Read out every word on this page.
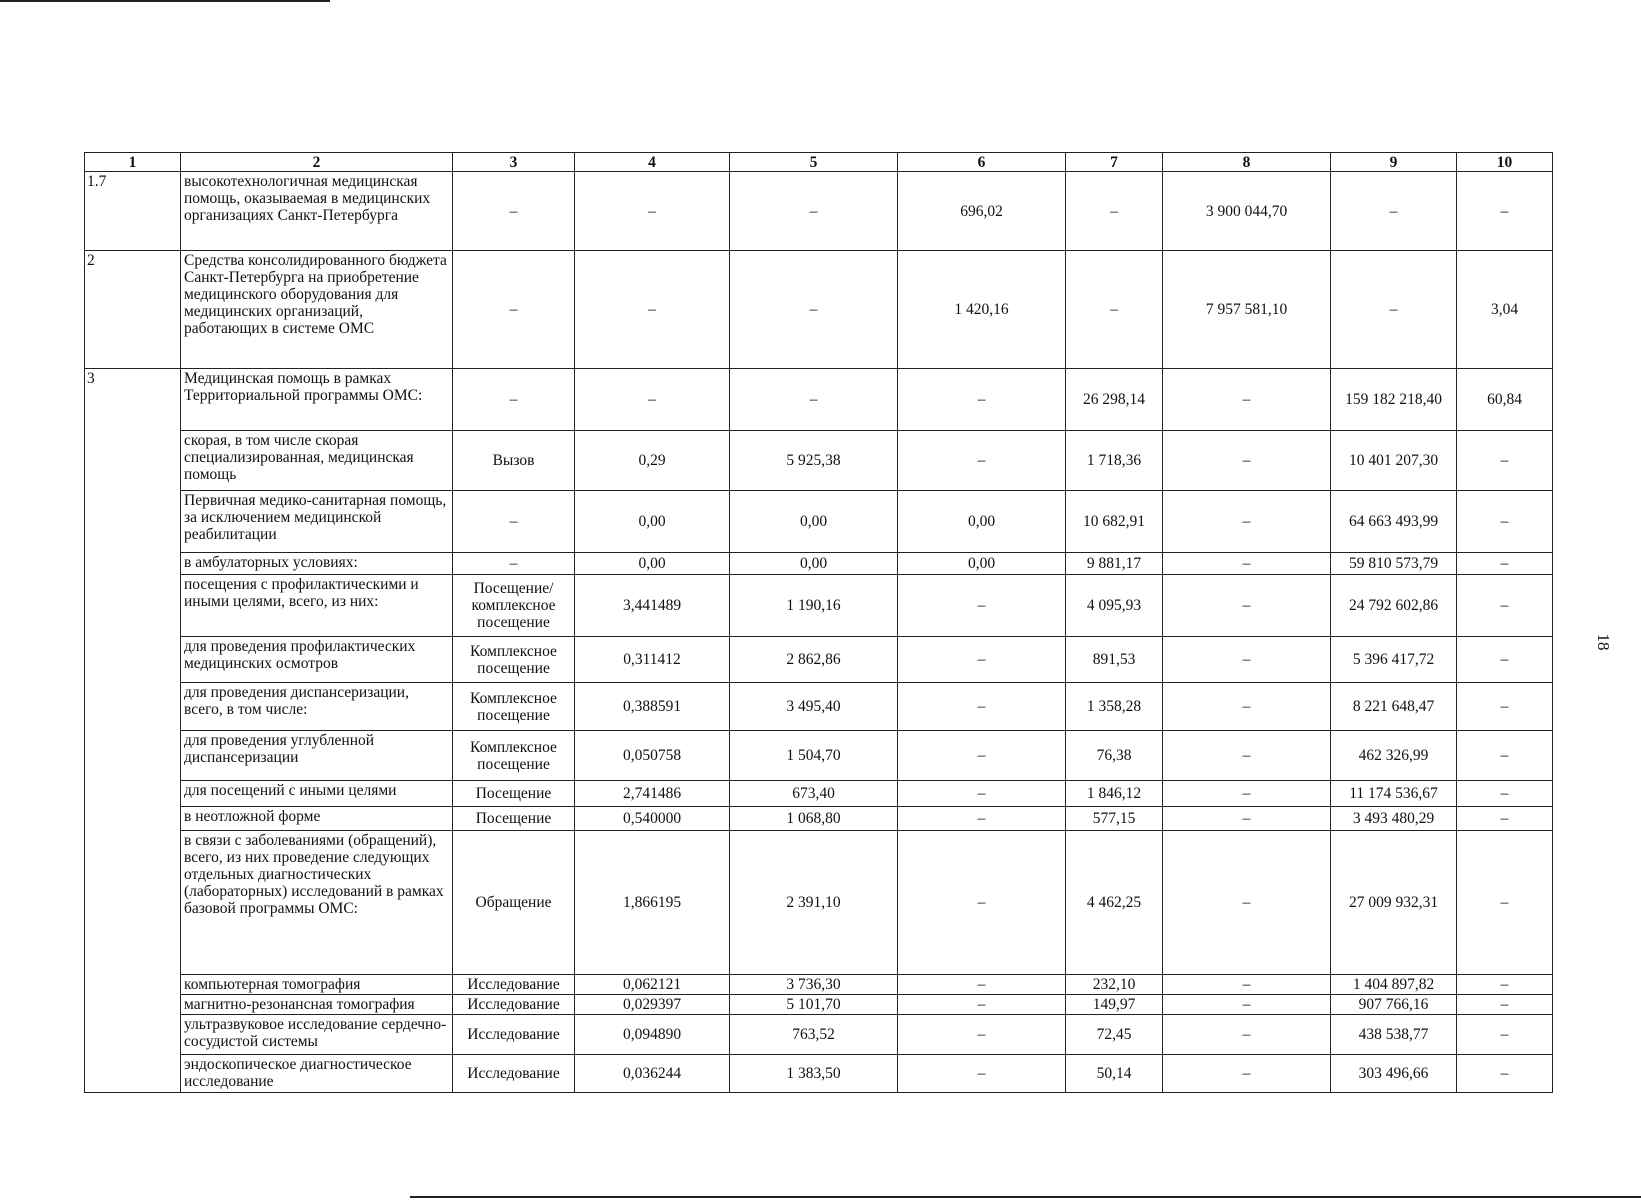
18
1	2	3	4	5	6	7	8	9	10
1.7	высокотехнологичная медицинская помощь, оказываемая в медицинских организациях Санкт-Петербурга	–	–	–	696,02	–	3 900 044,70	–	–
2	Средства консолидированного бюджета Санкт-Петербурга на приобретение медицинского оборудования для медицинских организаций, работающих в системе ОМС	–	–	–	1 420,16	–	7 957 581,10	–	3,04
3	Медицинская помощь в рамках Территориальной программы ОМС:	–	–	–	–	26 298,14	–	159 182 218,40	60,84
	скорая, в том числе скорая специализированная, медицинская помощь	Вызов	0,29	5 925,38	–	1 718,36	–	10 401 207,30	–
	Первичная медико-санитарная помощь, за исключением медицинской реабилитации	–	0,00	0,00	0,00	10 682,91	–	64 663 493,99	–
	в амбулаторных условиях:	–	0,00	0,00	0,00	9 881,17	–	59 810 573,79	–
	посещения с профилактическими и иными целями, всего, из них:	Посещение/ комплексное посещение	3,441489	1 190,16	–	4 095,93	–	24 792 602,86	–
	для проведения профилактических медицинских осмотров	Комплексное посещение	0,311412	2 862,86	–	891,53	–	5 396 417,72	–
	для проведения диспансеризации, всего, в том числе:	Комплексное посещение	0,388591	3 495,40	–	1 358,28	–	8 221 648,47	–
	для проведения углубленной диспансеризации	Комплексное посещение	0,050758	1 504,70	–	76,38	–	462 326,99	–
	для посещений с иными целями	Посещение	2,741486	673,40	–	1 846,12	–	11 174 536,67	–
	в неотложной форме	Посещение	0,540000	1 068,80	–	577,15	–	3 493 480,29	–
	в связи с заболеваниями (обращений), всего, из них проведение следующих отдельных диагностических (лабораторных) исследований в рамках базовой программы ОМС:	Обращение	1,866195	2 391,10	–	4 462,25	–	27 009 932,31	–
	компьютерная томография	Исследование	0,062121	3 736,30	–	232,10	–	1 404 897,82	–
	магнитно-резонансная томография	Исследование	0,029397	5 101,70	–	149,97	–	907 766,16	–
	ультразвуковое исследование сердечно-сосудистой системы	Исследование	0,094890	763,52	–	72,45	–	438 538,77	–
	эндоскопическое диагностическое исследование	Исследование	0,036244	1 383,50	–	50,14	–	303 496,66	–
